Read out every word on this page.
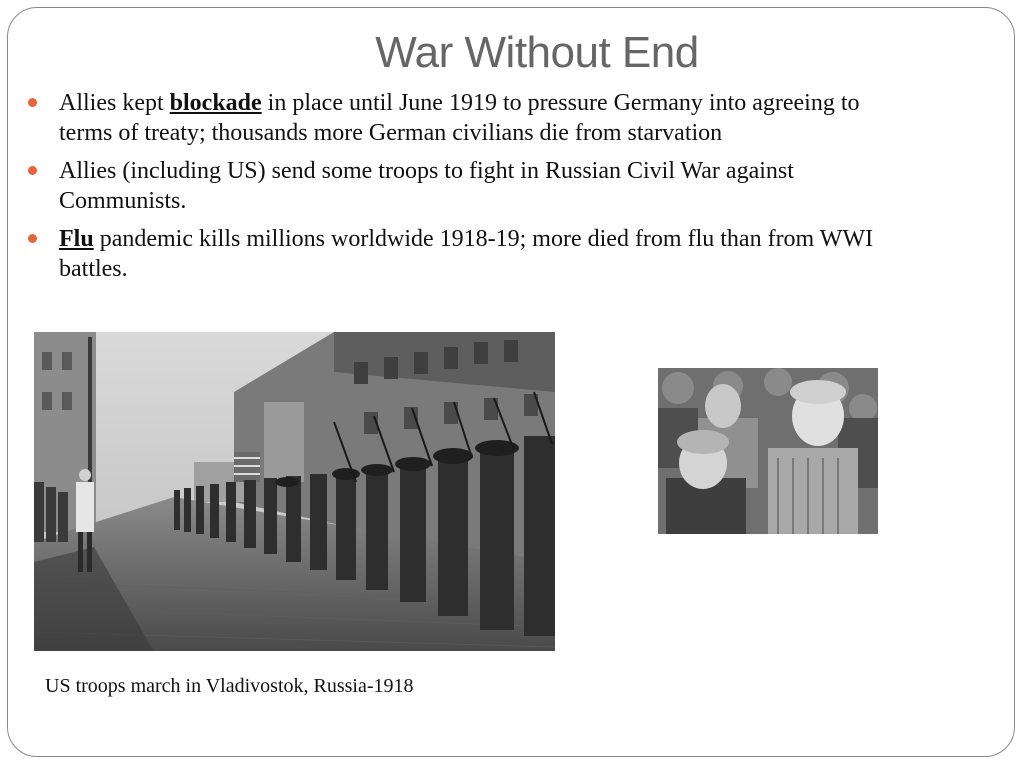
War Without End
Allies kept blockade in place until June 1919 to pressure Germany into agreeing to terms of treaty; thousands more German civilians die from starvation
Allies (including US) send some troops to fight in Russian Civil War against Communists.
Flu pandemic kills millions worldwide 1918-19; more died from flu than from WWI battles.
US troops march in Vladivostok, Russia-1918
